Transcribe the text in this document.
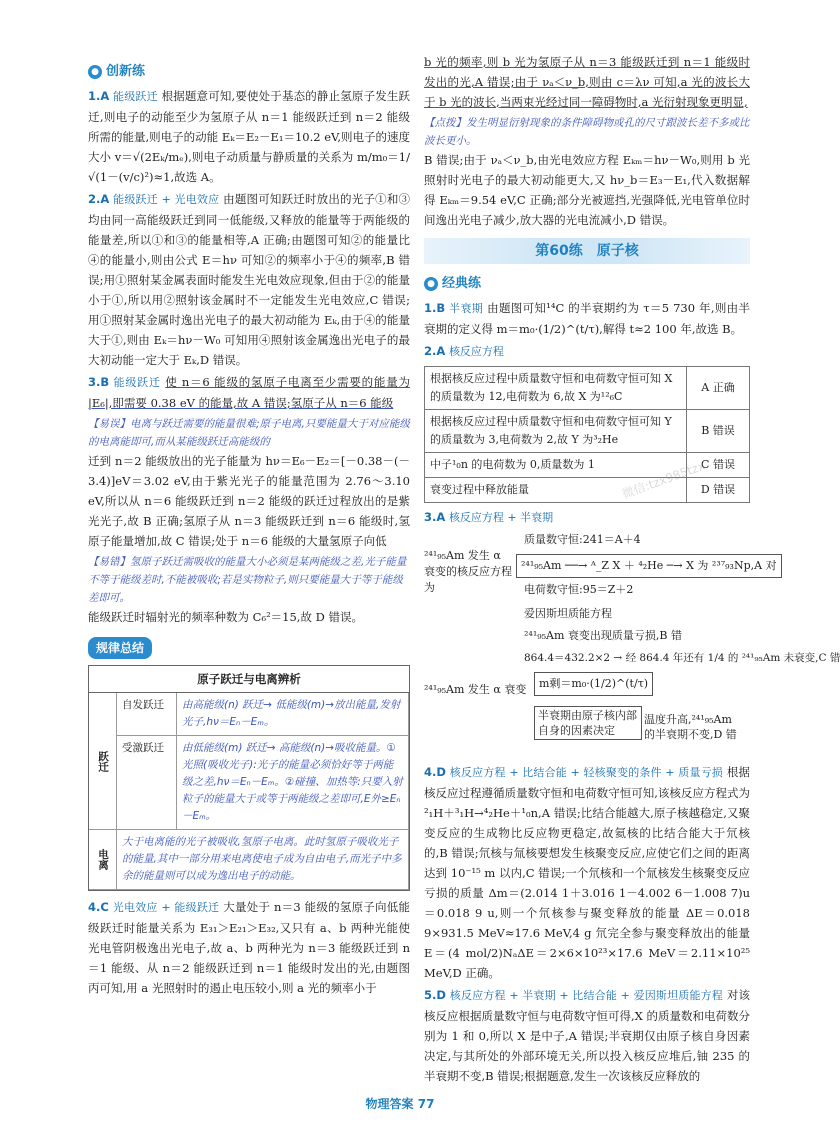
● 创新练

1.A 能级跃迁 根据题意可知,要使处于基态的静止氢原子发生跃迁,则电子的动能至少为氢原子从 n＝1 能级跃迁到 n＝2 能级所需的能量,则电子的动能 Eₖ＝E₂－E₁＝10.2 eV,则电子的速度大小 v＝√(2Eₖ/mₑ),则电子动质量与静质量的关系为 m/m₀＝1/√(1－(v/c)²)≈1,故选 A。

2.A 能级跃迁 + 光电效应 由题图可知跃迁时放出的光子①和③均由同一高能级跃迁到同一低能级,又释放的能量等于两能级的能量差,所以①和③的能量相等,A 正确;由题图可知②的能量比④的能量小,则由公式 E＝hν 可知②的频率小于④的频率,B 错误;用①照射某金属表面时能发生光电效应现象,但由于②的能量小于①,所以用②照射该金属时不一定能发生光电效应,C 错误;用①照射某金属时逸出光电子的最大初动能为 Eₖ,由于④的能量大于①,则由 Eₖ＝hν－W₀ 可知用④照射该金属逸出光电子的最大初动能一定大于 Eₖ,D 错误。

3.B 能级跃迁 使 n＝6 能级的氢原子电离至少需要的能量为 |E₆|,即需要 0.38 eV 的能量,故 A 错误;氢原子从 n＝6 能级

【易误】电离与跃迁需要的能量很难;原子电离,只要能量大于对应能级的电离能即可,而从某能级跃迁高能级的

迁到 n＝2 能级放出的光子能量为 hν＝E₆－E₂＝[－0.38－(－3.4)]eV＝3.02 eV,由于紫光光子的能量范围为 2.76～3.10 eV,所以从 n＝6 能级跃迁到 n＝2 能级的跃迁过程放出的是紫光光子,故 B 正确;氢原子从 n＝3 能级跃迁到 n＝6 能级时,氢原子能量增加,故 C 错误;处于 n＝6 能级的大量氢原子向低

【易错】氢原子跃迁需吸收的能量大小必须是某两能级之差,光子能量不等于能级差时,不能被吸收;若是实物粒子,则只要能量大于等于能级差即可。

能级跃迁时辐射光的频率种数为 C₆²＝15,故 D 错误。

规律总结
原子跃迁与电离辨析
跃迁
自发跃迁	由高能级(n) 跃迁→ 低能级(m)→放出能量,发射光子,hν＝Eₙ－Eₘ。
受激跃迁	由低能级(m) 跃迁→ 高能级(n)→吸收能量。①光照(吸收光子):光子的能量必须恰好等于两能级之差,hν＝Eₙ－Eₘ。②碰撞、加热等:只要入射粒子的能量大于或等于两能级之差即可,E外≥Eₙ－Eₘ。
电离
大于电离能的光子被吸收,氢原子电离。此时氢原子吸收光子的能量,其中一部分用来电离使电子成为自由电子,而光子中多余的能量则可以成为逸出电子的动能。

4.C 光电效应 + 能级跃迁 大量处于 n＝3 能级的氢原子向低能级跃迁时能量关系为 E₃₁＞E₂₁＞E₃₂,又只有 a、b 两种光能使光电管阴极逸出光电子,故 a、b 两种光为 n＝3 能级跃迁到 n＝1 能级、从 n＝2 能级跃迁到 n＝1 能级时发出的光,由题图丙可知,用 a 光照射时的遏止电压较小,则 a 光的频率小于

b 光的频率,则 b 光为氢原子从 n＝3 能级跃迁到 n＝1 能级时发出的光,A 错误;由于 νₐ＜ν_b,则由 c＝λν 可知,a 光的波长大于 b 光的波长,当两束光经过同一障碍物时,a 光衍射现象更明显,

【点拨】发生明显衍射现象的条件障碍物或孔的尺寸跟波长差不多或比波长更小。

B 错误;由于 νₐ＜ν_b,由光电效应方程 Eₖₘ＝hν－W₀,则用 b 光照射时光电子的最大初动能更大,又 hν_b＝E₃－E₁,代入数据解得 Eₖₘ＝9.54 eV,C 正确;部分光被遮挡,光强降低,光电管单位时间逸出光电子减少,放大器的光电流减小,D 错误。

第60练　原子核
● 经典练

1.B 半衰期 由题图可知¹⁴C 的半衰期约为 τ＝5 730 年,则由半衰期的定义得 m＝m₀·(1/2)^(t/τ),解得 t≈2 100 年,故选 B。

2.A 核反应方程

根据核反应过程中质量数守恒和电荷数守恒可知 X 的质量数为 12,电荷数为 6,故 X 为¹²₆C	A 正确
根据核反应过程中质量数守恒和电荷数守恒可知 Y 的质量数为 3,电荷数为 2,故 Y 为³₂He	B 错误
中子¹₀n 的电荷数为 0,质量数为 1	C 错误
衰变过程中释放能量	D 错误

3.A 核反应方程 + 半衰期

质量数守恒:241＝A＋4
²⁴¹₉₅Am 发生 α 衰变的核反应方程为
²⁴¹₉₅Am ──→ ᴬ_Z X ＋ ⁴₂He ─→ X 为 ²³⁷₉₃Np,A 对
电荷数守恒:95＝Z＋2
爱因斯坦质能方程
²⁴¹₉₅Am 衰变出现质量亏损,B 错
864.4＝432.2×2 → 经 864.4 年还有 1/4 的 ²⁴¹₉₅Am 未衰变,C 错
²⁴¹₉₅Am 发生 α 衰变	m剩＝m₀·(1/2)^(t/τ)
半衰期由原子核内部自身的因素决定
温度升高,²⁴¹₉₅Am 的半衰期不变,D 错

4.D 核反应方程 + 比结合能 + 轻核聚变的条件 + 质量亏损 根据核反应过程遵循质量数守恒和电荷数守恒可知,该核反应方程式为 ²₁H＋³₁H→⁴₂He＋¹₀n,A 错误;比结合能越大,原子核越稳定,又聚变反应的生成物比反应物更稳定,故氦核的比结合能大于氘核的,B 错误;氘核与氚核要想发生核聚变反应,应使它们之间的距离达到 10⁻¹⁵ m 以内,C 错误;一个氘核和一个氚核发生核聚变反应亏损的质量 Δm＝(2.014 1＋3.016 1－4.002 6－1.008 7)u＝0.018 9 u,则一个氘核参与聚变释放的能量 ΔE＝0.018 9×931.5 MeV≈17.6 MeV,4 g 氘完全参与聚变释放出的能量 E＝(4 mol/2)NₐΔE＝2×6×10²³×17.6 MeV＝2.11×10²⁵ MeV,D 正确。

5.D 核反应方程 + 半衰期 + 比结合能 + 爱因斯坦质能方程 对该核反应根据质量数守恒与电荷数守恒可得,X 的质量数和电荷数分别为 1 和 0,所以 X 是中子,A 错误;半衰期仅由原子核自身因素决定,与其所处的外部环境无关,所以投入核反应堆后,铀 235 的半衰期不变,B 错误;根据题意,发生一次该核反应释放的

微信:tzx985tzx
物理答案 77
